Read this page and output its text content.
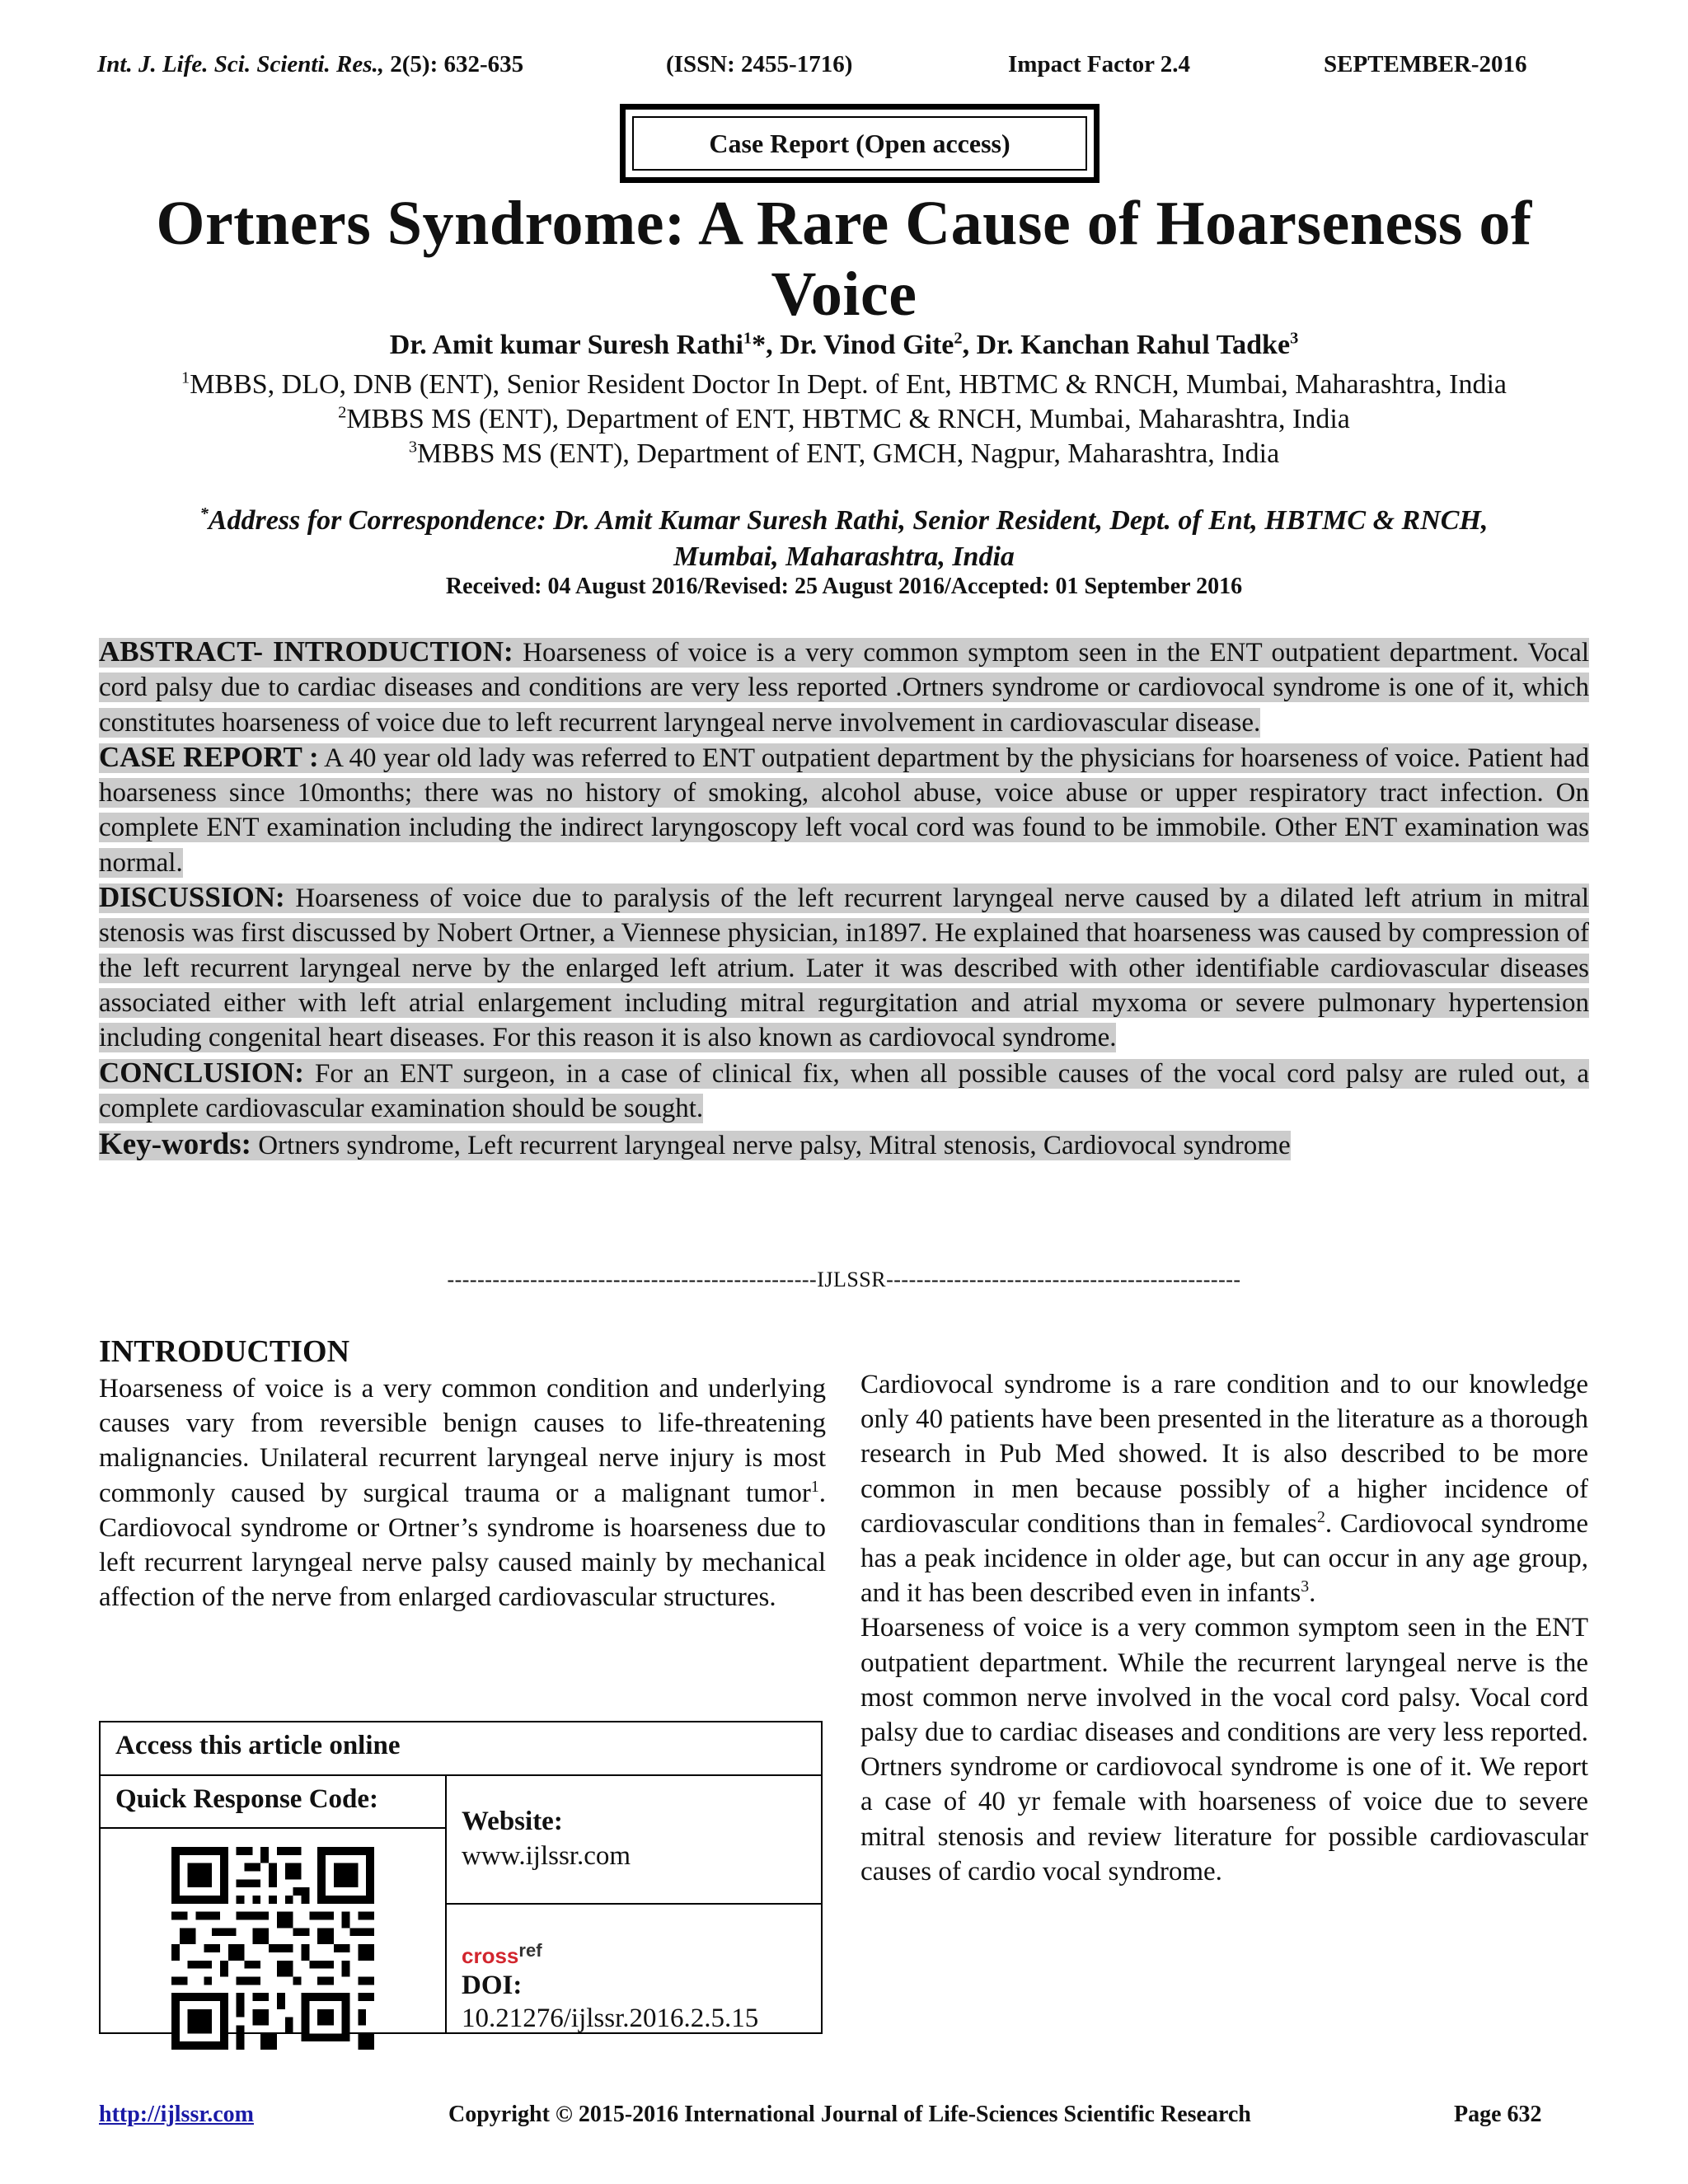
Int. J. Life. Sci. Scienti. Res., 2(5): 632-635	(ISSN: 2455-1716)	Impact Factor 2.4	SEPTEMBER-2016
Case Report (Open access)
Ortners Syndrome: A Rare Cause of Hoarseness of
Voice
Dr. Amit kumar Suresh Rathi$^1$*, Dr. Vinod Gite$^2$, Dr. Kanchan Rahul Tadke$^3$
$^1$MBBS, DLO, DNB (ENT), Senior Resident Doctor In Dept. of Ent, HBTMC & RNCH, Mumbai, Maharashtra, India
$^2$MBBS MS (ENT), Department of ENT, HBTMC & RNCH, Mumbai, Maharashtra, India
$^3$MBBS MS (ENT), Department of ENT, GMCH, Nagpur, Maharashtra, India
*Address for Correspondence: Dr. Amit Kumar Suresh Rathi, Senior Resident, Dept. of Ent, HBTMC & RNCH,
Mumbai, Maharashtra, India
Received: 04 August 2016/Revised: 25 August 2016/Accepted: 01 September 2016

ABSTRACT- INTRODUCTION: Hoarseness of voice is a very common symptom seen in the ENT outpatient department. Vocal cord palsy due to cardiac diseases and conditions are very less reported .Ortners syndrome or cardiovocal syndrome is one of it, which constitutes hoarseness of voice due to left recurrent laryngeal nerve involvement in cardiovascular disease.

CASE REPORT : A 40 year old lady was referred to ENT outpatient department by the physicians for hoarseness of voice. Patient had hoarseness since 10months; there was no history of smoking, alcohol abuse, voice abuse or upper respiratory tract infection. On complete ENT examination including the indirect laryngoscopy left vocal cord was found to be immobile. Other ENT examination was normal.

DISCUSSION: Hoarseness of voice due to paralysis of the left recurrent laryngeal nerve caused by a dilated left atrium in mitral stenosis was first discussed by Nobert Ortner, a Viennese physician, in1897. He explained that hoarseness was caused by compression of the left recurrent laryngeal nerve by the enlarged left atrium. Later it was described with other identifiable cardiovascular diseases associated either with left atrial enlargement including mitral regurgitation and atrial myxoma or severe pulmonary hypertension including congenital heart diseases. For this reason it is also known as cardiovocal syndrome.

CONCLUSION: For an ENT surgeon, in a case of clinical fix, when all possible causes of the vocal cord palsy are ruled out, a complete cardiovascular examination should be sought.

Key-words: Ortners syndrome, Left recurrent laryngeal nerve palsy, Mitral stenosis, Cardiovocal syndrome

-------------------------------------------------IJLSSR-----------------------------------------------
INTRODUCTION

Hoarseness of voice is a very common condition and underlying causes vary from reversible benign causes to life-threatening malignancies. Unilateral recurrent laryngeal nerve injury is most commonly caused by surgical trauma or a malignant tumor$^1$. Cardiovocal syndrome or Ortner’s syndrome is hoarseness due to left recurrent laryngeal nerve palsy caused mainly by mechanical affection of the nerve from enlarged cardiovascular structures.

Access this article online
Quick Response Code:
Website:
www.ijlssr.com
cross$^{ref}$
DOI:
10.21276/ijlssr.2016.2.5.15

Cardiovocal syndrome is a rare condition and to our knowledge only 40 patients have been presented in the literature as a thorough research in Pub Med showed. It is also described to be more common in men because possibly of a higher incidence of cardiovascular conditions than in females$^2$. Cardiovocal syndrome has a peak incidence in older age, but can occur in any age group, and it has been described even in infants$^3$.

Hoarseness of voice is a very common symptom seen in the ENT outpatient department. While the recurrent laryngeal nerve is the most common nerve involved in the vocal cord palsy. Vocal cord palsy due to cardiac diseases and conditions are very less reported. Ortners syndrome or cardiovocal syndrome is one of it. We report a case of 40 yr female with hoarseness of voice due to severe mitral stenosis and review literature for possible cardiovascular causes of cardio vocal syndrome.

http://ijlssr.com	Copyright © 2015-2016 International Journal of Life-Sciences Scientific Research	Page 632
